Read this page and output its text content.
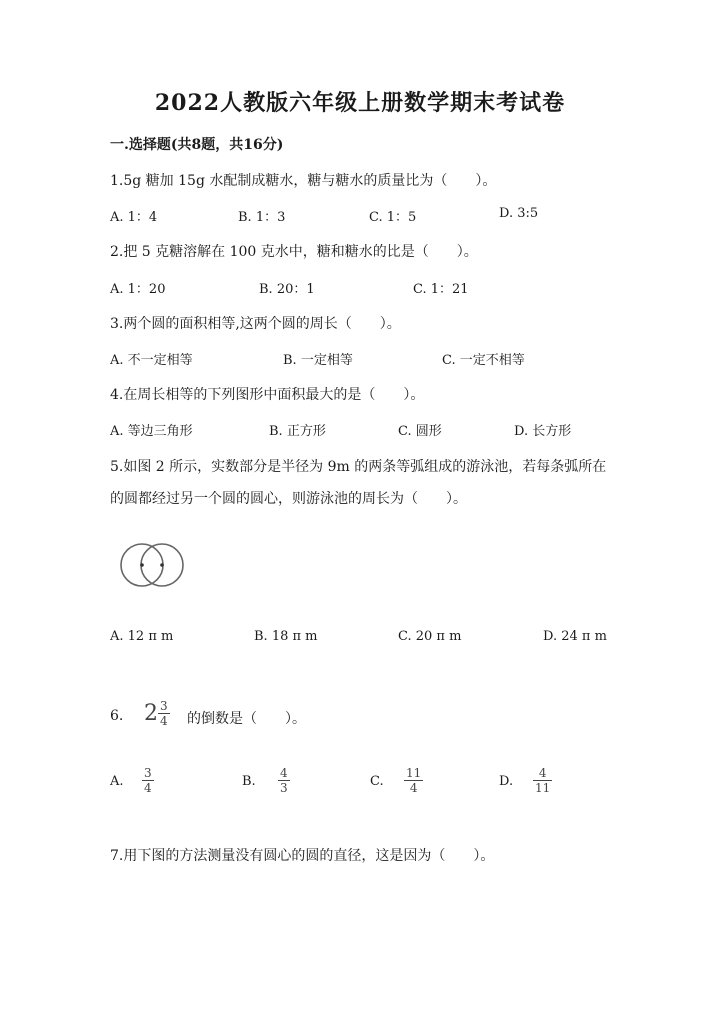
2022人教版六年级上册数学期末考试卷
一.选择题(共8题，共16分)
1.5g 糖加 15g 水配制成糖水，糖与糖水的质量比为（　　）。
A. 1：4	B. 1：3	C. 1：5	D. 3:5
2.把 5 克糖溶解在 100 克水中，糖和糖水的比是（　　）。
A. 1：20	B. 20：1	C. 1：21
3.两个圆的面积相等,这两个圆的周长（　　）。
A. 不一定相等	B. 一定相等	C. 一定不相等
4.在周长相等的下列图形中面积最大的是（　　）。
A. 等边三角形	B. 正方形	C. 圆形	D. 长方形
5.如图 2 所示，实数部分是半径为 9m 的两条等弧组成的游泳池，若每条弧所在
的圆都经过另一个圆的圆心，则游泳池的周长为（　　）。
A. 12 π m	B. 18 π m	C. 20 π m	D. 24 π m
6. $2 \frac{3}{4}$ 的倒数是（　　）。
A. $\frac{3}{4}$	B. $\frac{4}{3}$	C. $\frac{11}{4}$	D. $\frac{4}{11}$
7.用下图的方法测量没有圆心的圆的直径，这是因为（　　）。
